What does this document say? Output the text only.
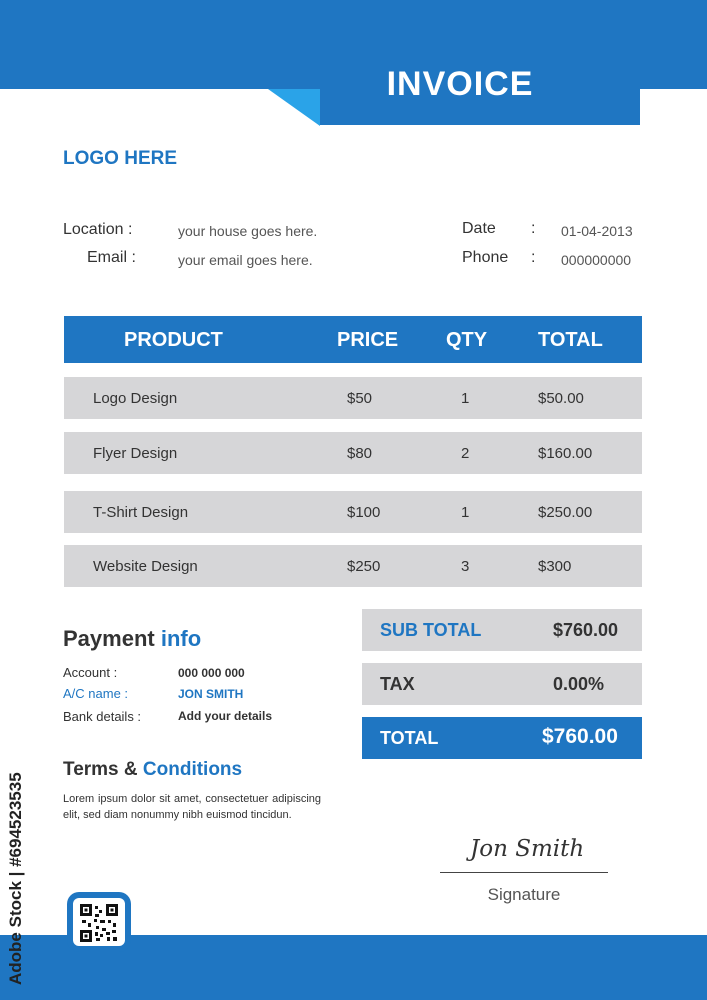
INVOICE
LOGO HERE
Location :	your house goes here.
Email :	your email goes here.
Date : 01-04-2013
Phone : 000000000
PRODUCT	PRICE QTY	TOTAL
Logo Design	$50	1	$50.00
Flyer Design	$80	2	$160.00
T-Shirt Design	$100	1	$250.00
Website Design	$250	3	$300
Payment info
Account :	000 000 000
A/C name :	JON SMITH
Bank details :	Add your details
Terms & Conditions
Lorem ipsum dolor sit amet, consectetuer adipiscing elit, sed diam nonummy nibh euismod tincidun.
SUB TOTAL	$760.00
TAX	0.00%
TOTAL	$760.00
Jon Smith
Signature
Adobe Stock | #694523535
